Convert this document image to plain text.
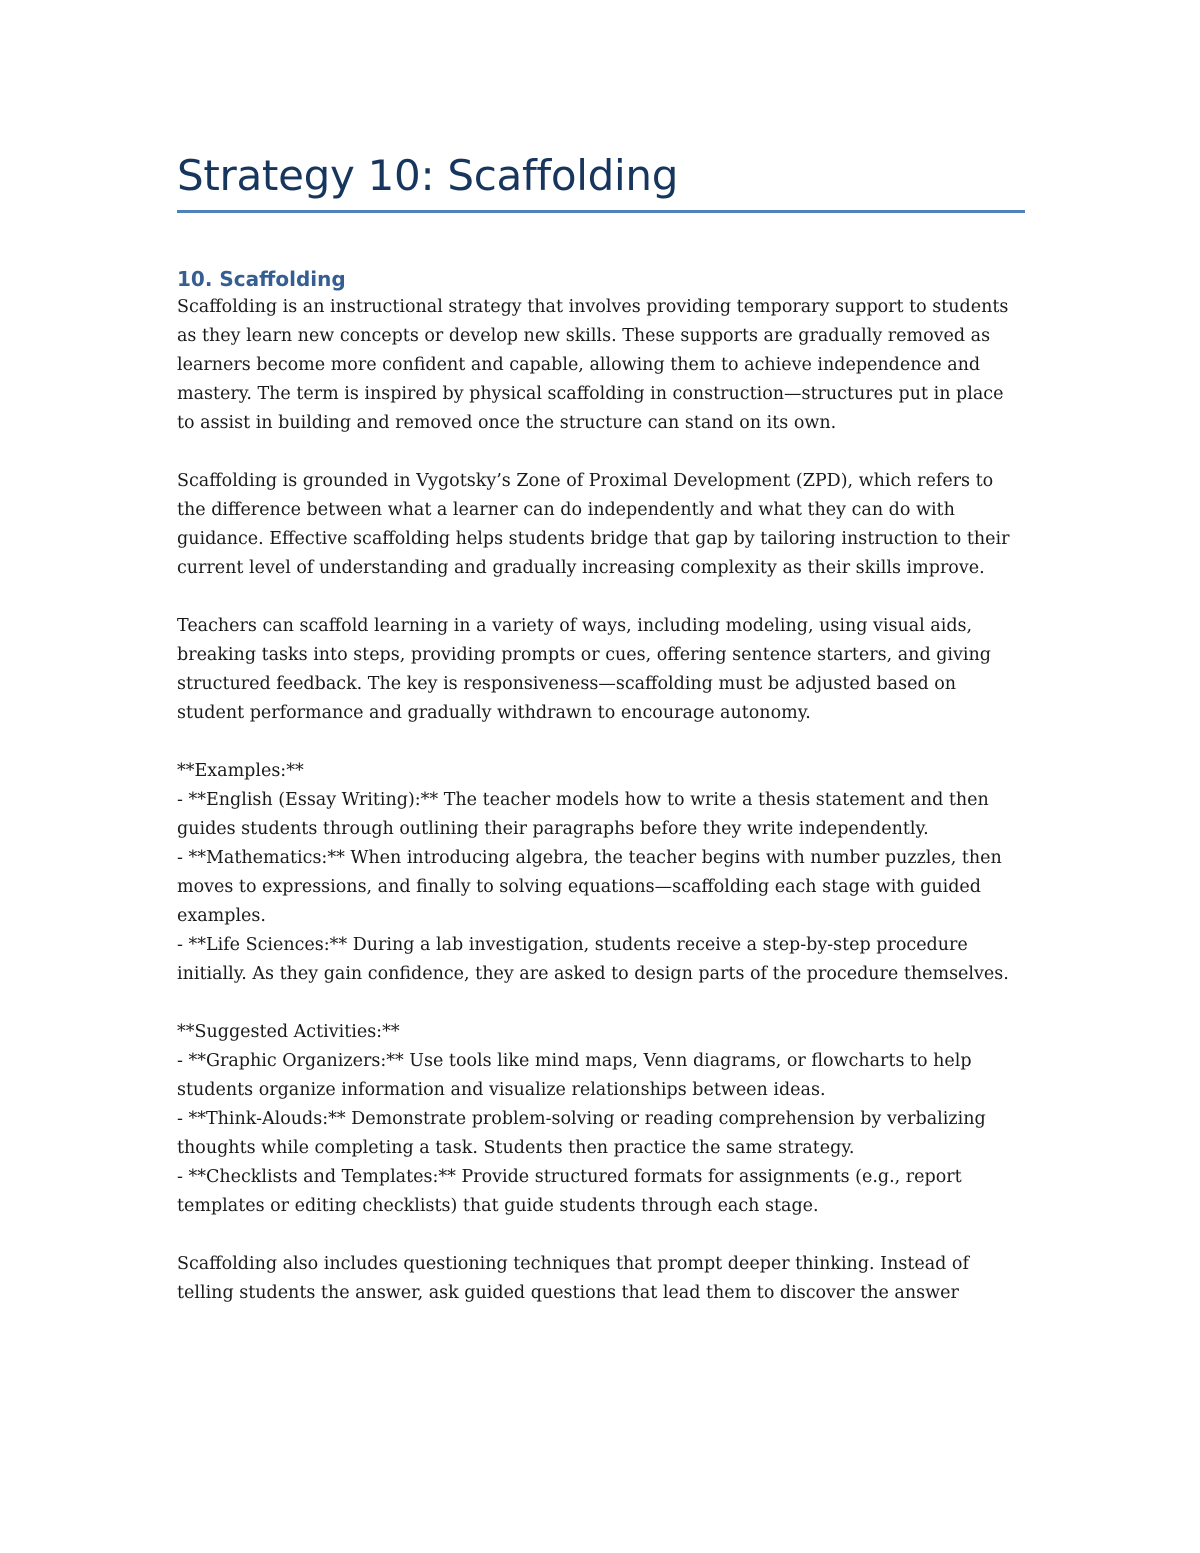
Strategy 10: Scaffolding
10. Scaffolding

Scaffolding is an instructional strategy that involves providing temporary support to students as they learn new concepts or develop new skills. These supports are gradually removed as learners become more confident and capable, allowing them to achieve independence and mastery. The term is inspired by physical scaffolding in construction—structures put in place to assist in building and removed once the structure can stand on its own.

Scaffolding is grounded in Vygotsky’s Zone of Proximal Development (ZPD), which refers to the difference between what a learner can do independently and what they can do with guidance. Effective scaffolding helps students bridge that gap by tailoring instruction to their current level of understanding and gradually increasing complexity as their skills improve.

Teachers can scaffold learning in a variety of ways, including modeling, using visual aids, breaking tasks into steps, providing prompts or cues, offering sentence starters, and giving structured feedback. The key is responsiveness—scaffolding must be adjusted based on student performance and gradually withdrawn to encourage autonomy.

**Examples:**
- **English (Essay Writing):** The teacher models how to write a thesis statement and then guides students through outlining their paragraphs before they write independently.
- **Mathematics:** When introducing algebra, the teacher begins with number puzzles, then moves to expressions, and finally to solving equations—scaffolding each stage with guided examples.
- **Life Sciences:** During a lab investigation, students receive a step-by-step procedure initially. As they gain confidence, they are asked to design parts of the procedure themselves.
**Suggested Activities:**
- **Graphic Organizers:** Use tools like mind maps, Venn diagrams, or flowcharts to help students organize information and visualize relationships between ideas.
- **Think-Alouds:** Demonstrate problem-solving or reading comprehension by verbalizing thoughts while completing a task. Students then practice the same strategy.
- **Checklists and Templates:** Provide structured formats for assignments (e.g., report templates or editing checklists) that guide students through each stage.

Scaffolding also includes questioning techniques that prompt deeper thinking. Instead of telling students the answer, ask guided questions that lead them to discover the answer
